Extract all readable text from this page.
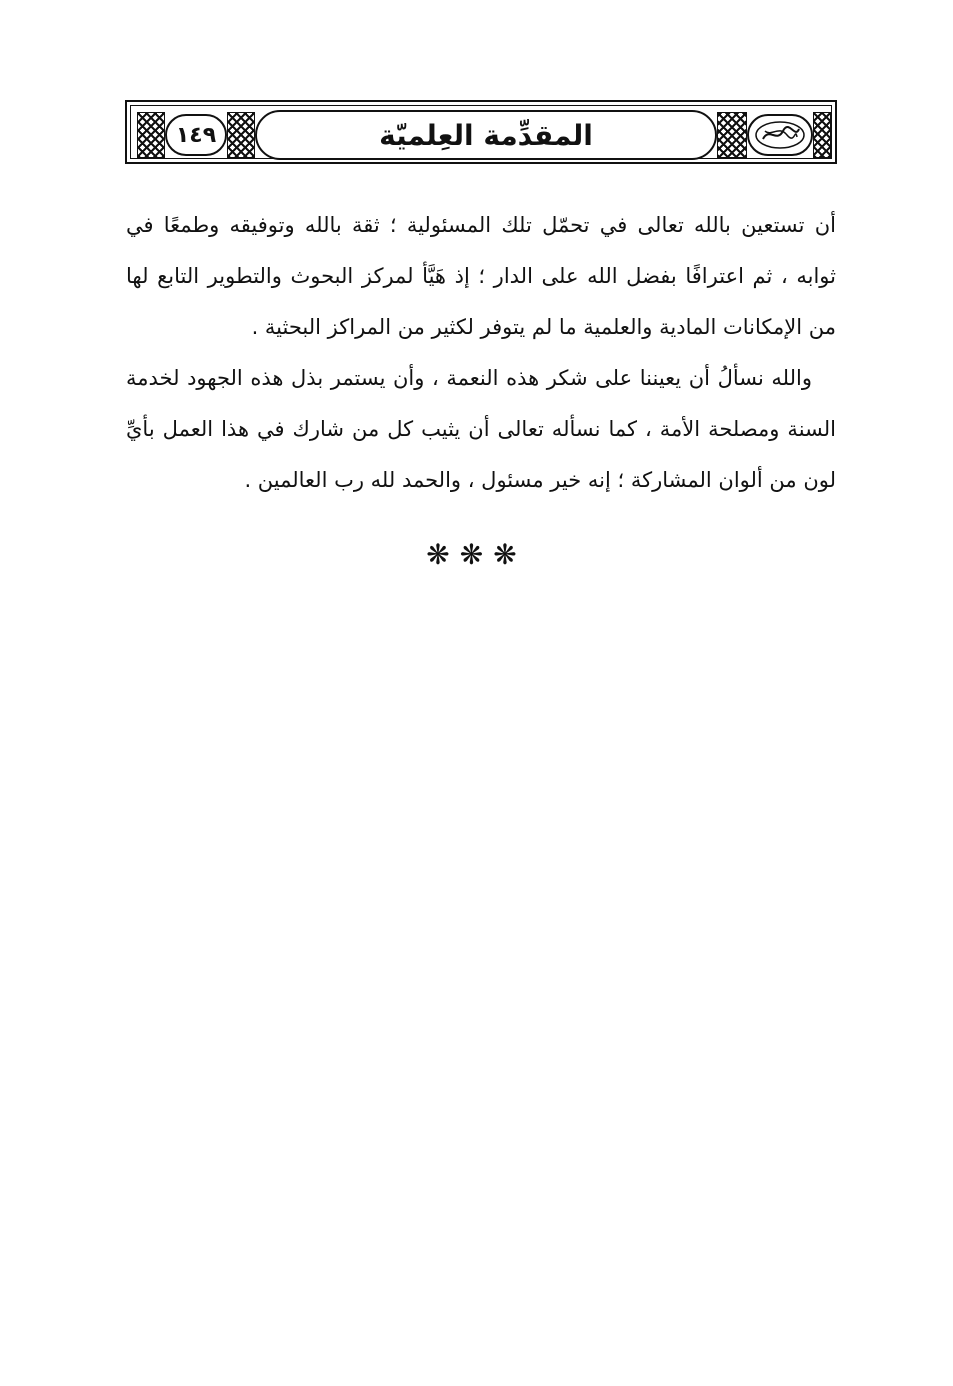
١٤٩	المقدِّمة العِلميّة

أن تستعين بالله تعالى في تحمّل تلك المسئولية ؛ ثقة بالله وتوفيقه وطمعًا في ثوابه ، ثم اعترافًا بفضل الله على الدار ؛ إذ هَيَّأ لمركز البحوث والتطوير التابع لها من الإمكانات المادية والعلمية ما لم يتوفر لكثير من المراكز البحثية .

والله نسألُ أن يعيننا على شكر هذه النعمة ، وأن يستمر بذل هذه الجهود لخدمة السنة ومصلحة الأمة ، كما نسأله تعالى أن يثيب كل من شارك في هذا العمل بأيِّ لون من ألوان المشاركة ؛ إنه خير مسئول ، والحمد لله رب العالمين .

❋❋❋
